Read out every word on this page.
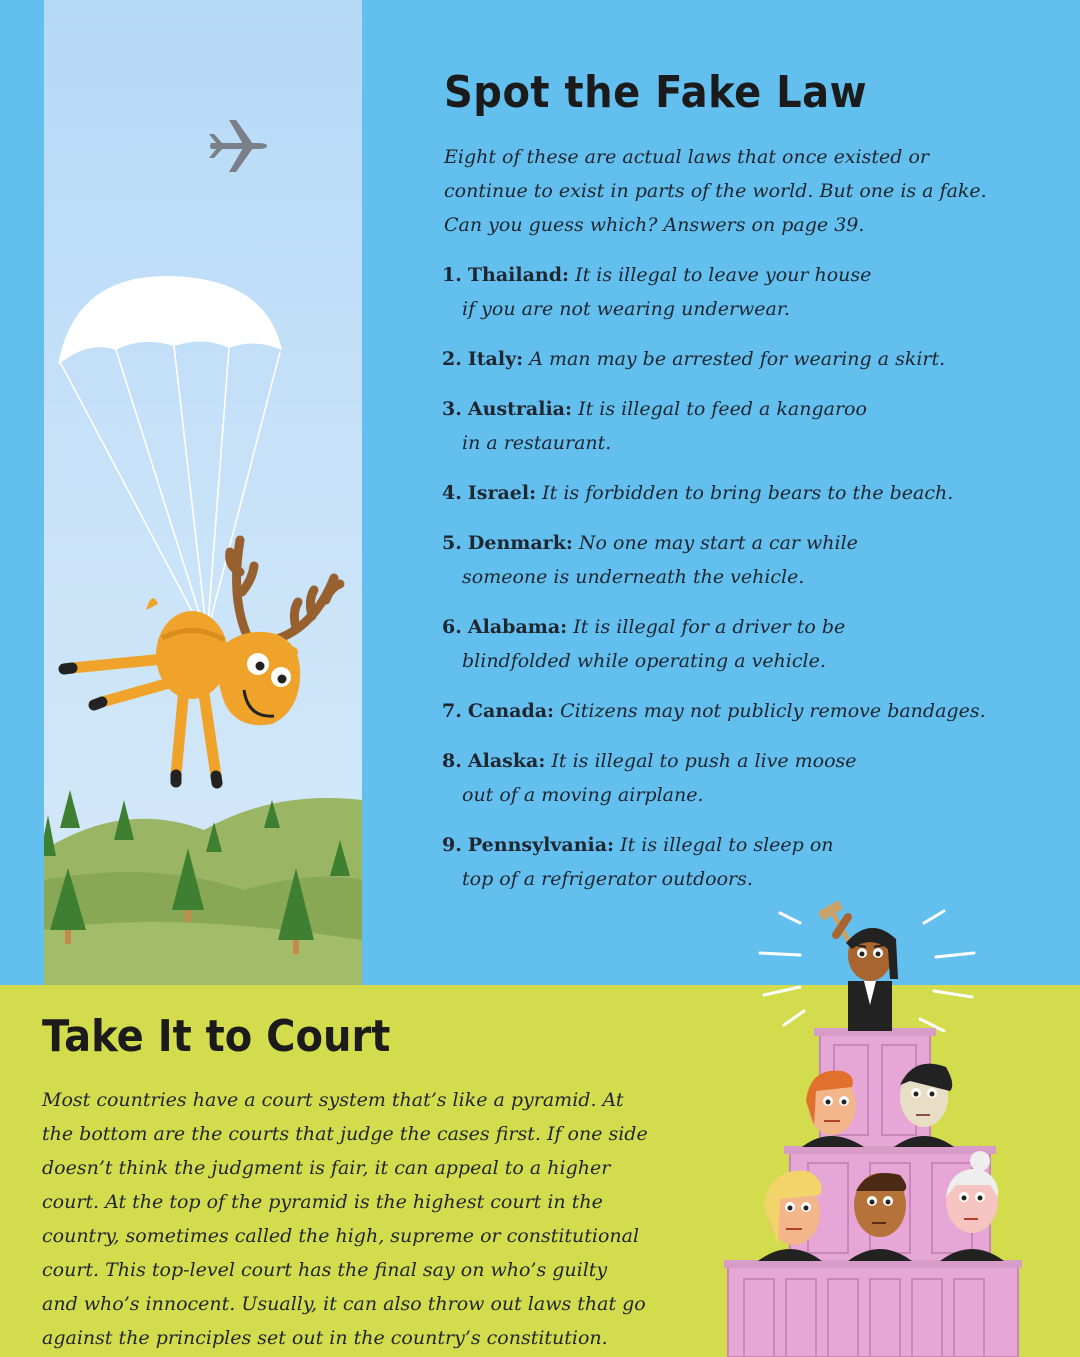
Spot the Fake Law

Eight of these are actual laws that once existed or
continue to exist in parts of the world. But one is a fake.
Can you guess which? Answers on page 39.

1. Thailand: It is illegal to leave your house
if you are not wearing underwear.
2. Italy: A man may be arrested for wearing a skirt.
3. Australia: It is illegal to feed a kangaroo
in a restaurant.
4. Israel: It is forbidden to bring bears to the beach.
5. Denmark: No one may start a car while
someone is underneath the vehicle.
6. Alabama: It is illegal for a driver to be
blindfolded while operating a vehicle.
7. Canada: Citizens may not publicly remove bandages.
8. Alaska: It is illegal to push a live moose
out of a moving airplane.
9. Pennsylvania: It is illegal to sleep on
top of a refrigerator outdoors.
Take It to Court

Most countries have a court system that’s like a pyramid. At
the bottom are the courts that judge the cases first. If one side
doesn’t think the judgment is fair, it can appeal to a higher
court. At the top of the pyramid is the highest court in the
country, sometimes called the high, supreme or constitutional
court. This top-level court has the final say on who’s guilty
and who’s innocent. Usually, it can also throw out laws that go
against the principles set out in the country’s constitution.
